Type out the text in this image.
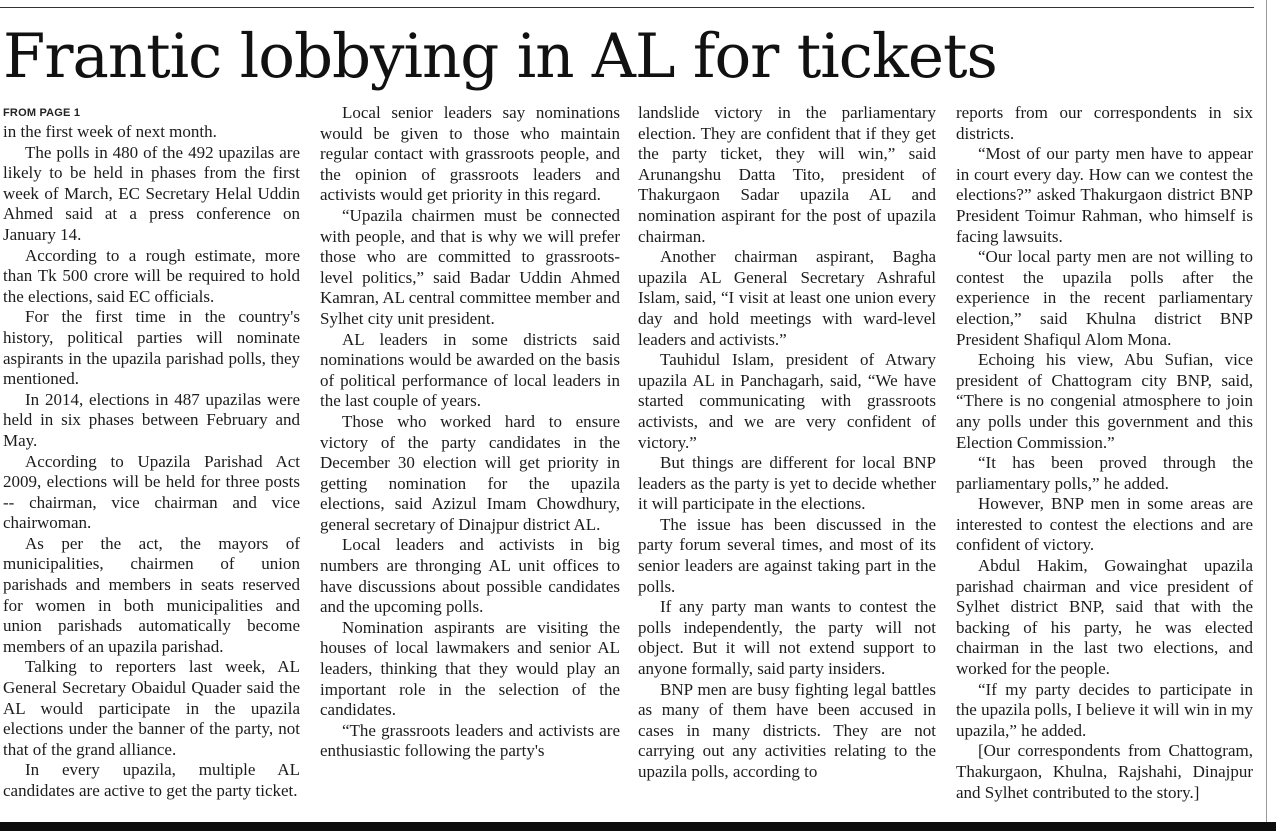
Frantic lobbying in AL for tickets
FROM PAGE 1

in the first week of next month.

The polls in 480 of the 492 upazilas are likely to be held in phases from the first week of March, EC Secretary Helal Uddin Ahmed said at a press conference on January 14.

According to a rough estimate, more than Tk 500 crore will be required to hold the elections, said EC officials.

For the first time in the country's history, political parties will nominate aspirants in the upazila parishad polls, they mentioned.

In 2014, elections in 487 upazilas were held in six phases between February and May.

According to Upazila Parishad Act 2009, elections will be held for three posts -- chairman, vice chairman and vice chairwoman.

As per the act, the mayors of municipalities, chairmen of union parishads and members in seats reserved for women in both municipalities and union parishads automatically become members of an upazila parishad.

Talking to reporters last week, AL General Secretary Obaidul Quader said the AL would participate in the upazila elections under the banner of the party, not that of the grand alliance.

In every upazila, multiple AL candidates are active to get the party ticket.

Local senior leaders say nominations would be given to those who maintain regular contact with grassroots people, and the opinion of grassroots leaders and activists would get priority in this regard.

“Upazila chairmen must be connected with people, and that is why we will prefer those who are committed to grassroots-level politics,” said Badar Uddin Ahmed Kamran, AL central committee member and Sylhet city unit president.

AL leaders in some districts said nominations would be awarded on the basis of political performance of local leaders in the last couple of years.

Those who worked hard to ensure victory of the party candidates in the December 30 election will get priority in getting nomination for the upazila elections, said Azizul Imam Chowdhury, general secretary of Dinajpur district AL.

Local leaders and activists in big numbers are thronging AL unit offices to have discussions about possible candidates and the upcoming polls.

Nomination aspirants are visiting the houses of local lawmakers and senior AL leaders, thinking that they would play an important role in the selection of the candidates.

“The grassroots leaders and activists are enthusiastic following the party's

landslide victory in the parliamentary election. They are confident that if they get the party ticket, they will win,” said Arunangshu Datta Tito, president of Thakurgaon Sadar upazila AL and nomination aspirant for the post of upazila chairman.

Another chairman aspirant, Bagha upazila AL General Secretary Ashraful Islam, said, “I visit at least one union every day and hold meetings with ward-level leaders and activists.”

Tauhidul Islam, president of Atwary upazila AL in Panchagarh, said, “We have started communicating with grassroots activists, and we are very confident of victory.”

But things are different for local BNP leaders as the party is yet to decide whether it will participate in the elections.

The issue has been discussed in the party forum several times, and most of its senior leaders are against taking part in the polls.

If any party man wants to contest the polls independently, the party will not object. But it will not extend support to anyone formally, said party insiders.

BNP men are busy fighting legal battles as many of them have been accused in cases in many districts. They are not carrying out any activities relating to the upazila polls, according to

reports from our correspondents in six districts.

“Most of our party men have to appear in court every day. How can we contest the elections?” asked Thakurgaon district BNP President Toimur Rahman, who himself is facing lawsuits.

“Our local party men are not willing to contest the upazila polls after the experience in the recent parliamentary election,” said Khulna district BNP President Shafiqul Alom Mona.

Echoing his view, Abu Sufian, vice president of Chattogram city BNP, said, “There is no congenial atmosphere to join any polls under this government and this Election Commission.”

“It has been proved through the parliamentary polls,” he added.

However, BNP men in some areas are interested to contest the elections and are confident of victory.

Abdul Hakim, Gowainghat upazila parishad chairman and vice president of Sylhet district BNP, said that with the backing of his party, he was elected chairman in the last two elections, and worked for the people.

“If my party decides to participate in the upazila polls, I believe it will win in my upazila,” he added.

[Our correspondents from Chattogram, Thakurgaon, Khulna, Rajshahi, Dinajpur and Sylhet contributed to the story.]
